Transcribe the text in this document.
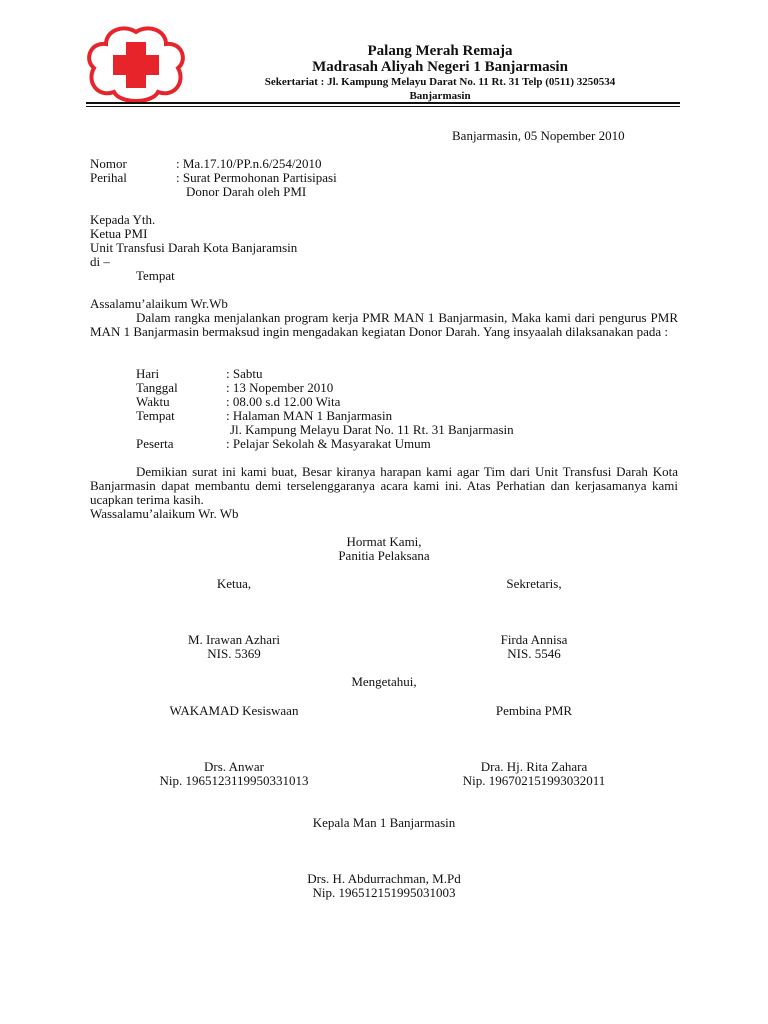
Palang Merah Remaja
Madrasah Aliyah Negeri 1 Banjarmasin
Sekertariat : Jl. Kampung Melayu Darat No. 11 Rt. 31 Telp (0511) 3250534
Banjarmasin
Banjarmasin, 05 Nopember 2010
Nomor	: Ma.17.10/PP.n.6/254/2010
Perihal	: Surat Permohonan Partisipasi
Donor Darah oleh PMI
Kepada Yth.
Ketua PMI
Unit Transfusi Darah Kota Banjaramsin
di –
Tempat
Assalamu’alaikum Wr.Wb
Dalam rangka menjalankan program kerja PMR MAN 1 Banjarmasin, Maka kami dari pengurus PMR MAN 1 Banjarmasin bermaksud ingin mengadakan kegiatan Donor Darah. Yang insyaalah dilaksanakan pada :
Hari	: Sabtu
Tanggal	: 13 Nopember 2010
Waktu	: 08.00 s.d 12.00 Wita
Tempat	: Halaman MAN 1 Banjarmasin
Jl. Kampung Melayu Darat No. 11 Rt. 31 Banjarmasin
Peserta	: Pelajar Sekolah & Masyarakat Umum
Demikian surat ini kami buat, Besar kiranya harapan kami agar Tim dari Unit Transfusi Darah Kota Banjarmasin dapat membantu demi terselenggaranya acara kami ini. Atas Perhatian dan kerjasamanya kami ucapkan terima kasih.
Wassalamu’alaikum Wr. Wb
Hormat Kami,
Panitia Pelaksana
Ketua,	Sekretaris,
M. Irawan Azhari
NIS. 5369
Firda Annisa
NIS. 5546
Mengetahui,
WAKAMAD Kesiswaan	Pembina PMR
Drs. Anwar
Nip. 1965123119950331013
Dra. Hj. Rita Zahara
Nip. 196702151993032011
Kepala Man 1 Banjarmasin
Drs. H. Abdurrachman, M.Pd
Nip. 196512151995031003
